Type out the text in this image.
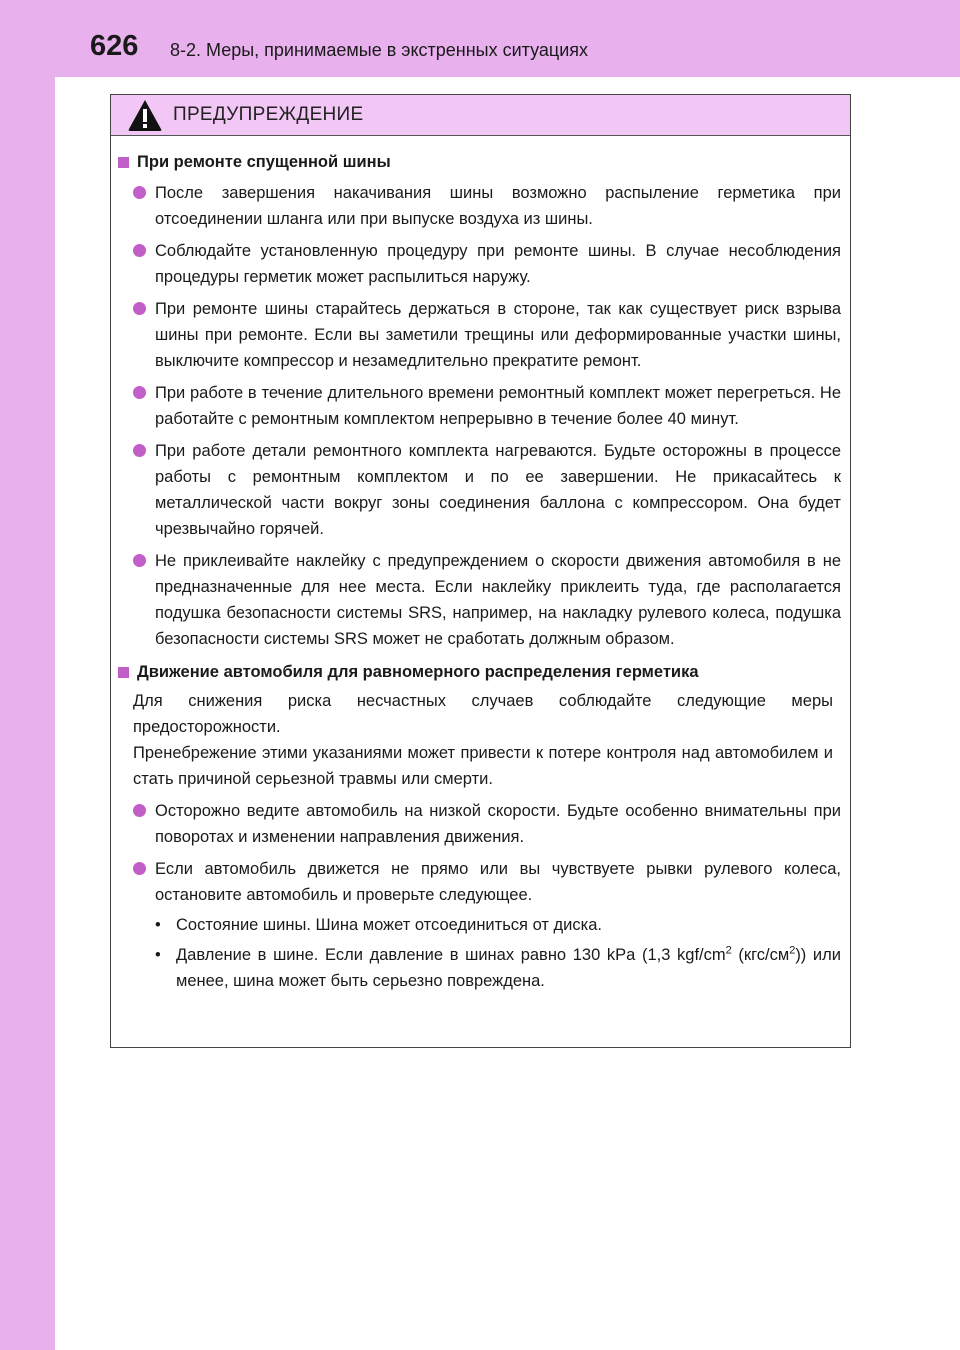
626 8-2. Меры, принимаемые в экстренных ситуациях
ПРЕДУПРЕЖДЕНИЕ
При ремонте спущенной шины
После завершения накачивания шины возможно распыление герметика при отсоединении шланга или при выпуске воздуха из шины.
Соблюдайте установленную процедуру при ремонте шины. В случае несоблюдения процедуры герметик может распылиться наружу.
При ремонте шины старайтесь держаться в стороне, так как существует риск взрыва шины при ремонте. Если вы заметили трещины или деформированные участки шины, выключите компрессор и незамедлительно прекратите ремонт.
При работе в течение длительного времени ремонтный комплект может перегреться. Не работайте с ремонтным комплектом непрерывно в течение более 40 минут.
При работе детали ремонтного комплекта нагреваются. Будьте осторожны в процессе работы с ремонтным комплектом и по ее завершении. Не прикасайтесь к металлической части вокруг зоны соединения баллона с компрессором. Она будет чрезвычайно горячей.
Не приклеивайте наклейку с предупреждением о скорости движения автомобиля в не предназначенные для нее места. Если наклейку приклеить туда, где располагается подушка безопасности системы SRS, например, на накладку рулевого колеса, подушка безопасности системы SRS может не сработать должным образом.
Движение автомобиля для равномерного распределения герметика
Для снижения риска несчастных случаев соблюдайте следующие меры предосторожности.
Пренебрежение этими указаниями может привести к потере контроля над автомобилем и стать причиной серьезной травмы или смерти.
Осторожно ведите автомобиль на низкой скорости. Будьте особенно внимательны при поворотах и изменении направления движения.
Если автомобиль движется не прямо или вы чувствуете рывки рулевого колеса, остановите автомобиль и проверьте следующее.
• Состояние шины. Шина может отсоединиться от диска.
• Давление в шине. Если давление в шинах равно 130 kPa (1,3 kgf/$cm^2$ $(кгс/см^2)$) или менее, шина может быть серьезно повреждена.
